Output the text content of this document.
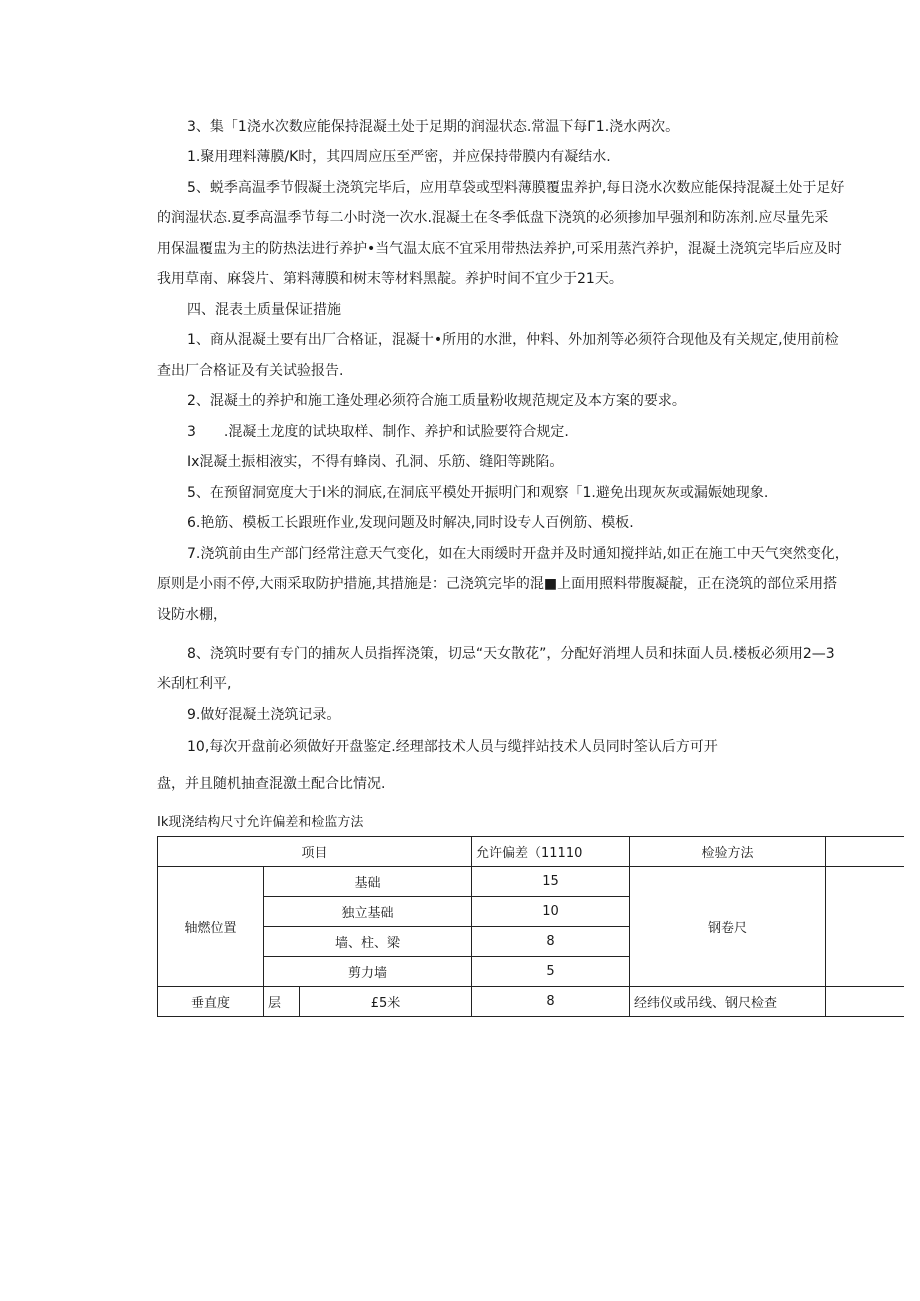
3、集「1浇水次数应能保持混凝土处于足期的润湿状态.常温下每Г1.浇水两次。
1.聚用理料薄膜/K时，其四周应压至严密，并应保持带膜内有凝结水.
5、蜕季高温季节假凝土浇筑完毕后，应用草袋或型料薄膜覆盅养护,每日浇水次数应能保持混凝土处于足好
的润湿状态.夏季高温季节每二小时浇一次水.混凝土在冬季低盘下浇筑的必须掺加早强剂和防冻剂.应尽量先采
用保温覆盅为主的防热法进行养护•当气温太底不宜采用带热法养护,可采用蒸汽养护，混凝土浇筑完毕后应及时
我用草南、麻袋片、第料薄膜和树末等材料黑靛。养护时间不宜少于21天。
四、混表土质量保证措施
1、商从混凝土要有出厂合格证，混凝十•所用的水泄，仲料、外加剂等必须符合现他及有关规定,使用前检
查出厂合格证及有关试验报告.
2、混凝土的养护和施工逢处理必须符合施工质量粉收规范规定及本方案的要求。
3　　.混凝土龙度的试块取样、制作、养护和试脸要符合规定.
Ix混凝土振相液实，不得有蜂岗、孔洞、乐筋、缝阳等跳陷。
5、在预留洞宽度大于I米的洞底,在洞底平模处开振明门和观察「1.避免出现灰灰或漏娠她现象.
6.艳筋、模板工长跟班作业,发现问题及时解决,同时设专人百例筋、模板.
7.浇筑前由生产部门经常注意天气变化，如在大雨缓时开盘并及时通知搅拌站,如正在施工中天气突然变化，
原则是小雨不停,大雨采取防护措施,其措施是：己浇筑完毕的混■上面用照料带腹凝靛，正在浇筑的部位采用搭
设防水棚，
8、浇筑时要有专门的捕灰人员指挥浇策，切忌“天女散花”，分配好消埋人员和抹面人员.楼板必须用2—3
米刮杠利平,
9.做好混凝土浇筑记录。
10,每次开盘前必须做好开盘鉴定.经理部技术人员与缆拌站技术人员同时筌认后方可开
盘，并且随机抽查混激土配合比情况.
Ik现浇结构尺寸允许偏差和检监方法
项目			允许偏差（11110	检验方法	
轴燃位置	基础		15	钢卷尺	
	独立基础		10		
	墙、柱、梁		8		
	剪力墙		5		
垂直度	层	£5米	8	经纬仪或吊线、钢尺检查	
